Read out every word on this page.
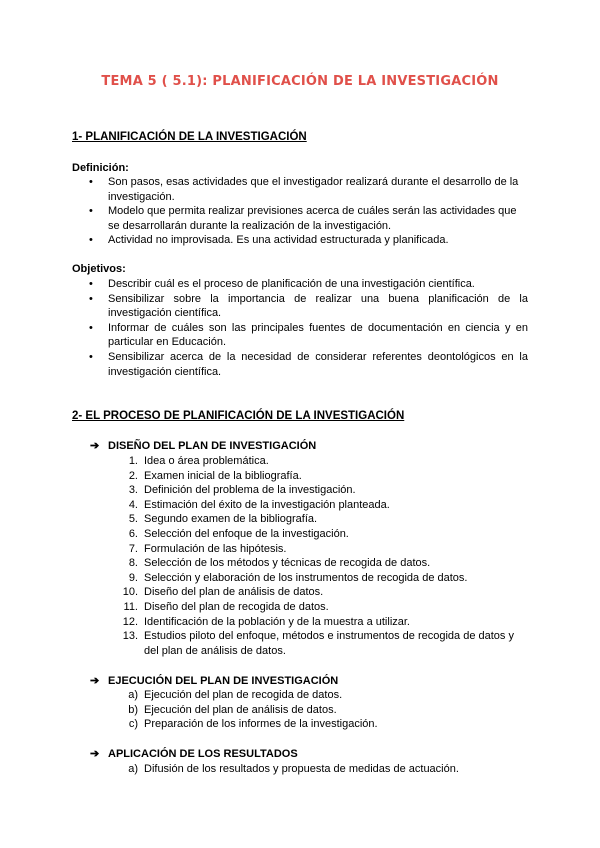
TEMA 5 ( 5.1): PLANIFICACIÓN DE LA INVESTIGACIÓN
1- PLANIFICACIÓN DE LA INVESTIGACIÓN
Definición:
• Son pasos, esas actividades que el investigador realizará durante el desarrollo de la investigación.
• Modelo que permita realizar previsiones acerca de cuáles serán las actividades que se desarrollarán durante la realización de la investigación.
• Actividad no improvisada. Es una actividad estructurada y planificada.
Objetivos:
• Describir cuál es el proceso de planificación de una investigación científica.
• Sensibilizar sobre la importancia de realizar una buena planificación de la investigación científica.
• Informar de cuáles son las principales fuentes de documentación en ciencia y en particular en Educación.
• Sensibilizar acerca de la necesidad de considerar referentes deontológicos en la investigación científica.
2- EL PROCESO DE PLANIFICACIÓN DE LA INVESTIGACIÓN
➔ DISEÑO DEL PLAN DE INVESTIGACIÓN
1. Idea o área problemática.
2. Examen inicial de la bibliografía.
3. Definición del problema de la investigación.
4. Estimación del éxito de la investigación planteada.
5. Segundo examen de la bibliografía.
6. Selección del enfoque de la investigación.
7. Formulación de las hipótesis.
8. Selección de los métodos y técnicas de recogida de datos.
9. Selección y elaboración de los instrumentos de recogida de datos.
10. Diseño del plan de análisis de datos.
11. Diseño del plan de recogida de datos.
12. Identificación de la población y de la muestra a utilizar.
13. Estudios piloto del enfoque, métodos e instrumentos de recogida de datos y del plan de análisis de datos.
➔ EJECUCIÓN DEL PLAN DE INVESTIGACIÓN
a) Ejecución del plan de recogida de datos.
b) Ejecución del plan de análisis de datos.
c) Preparación de los informes de la investigación.
➔ APLICACIÓN DE LOS RESULTADOS
a) Difusión de los resultados y propuesta de medidas de actuación.
